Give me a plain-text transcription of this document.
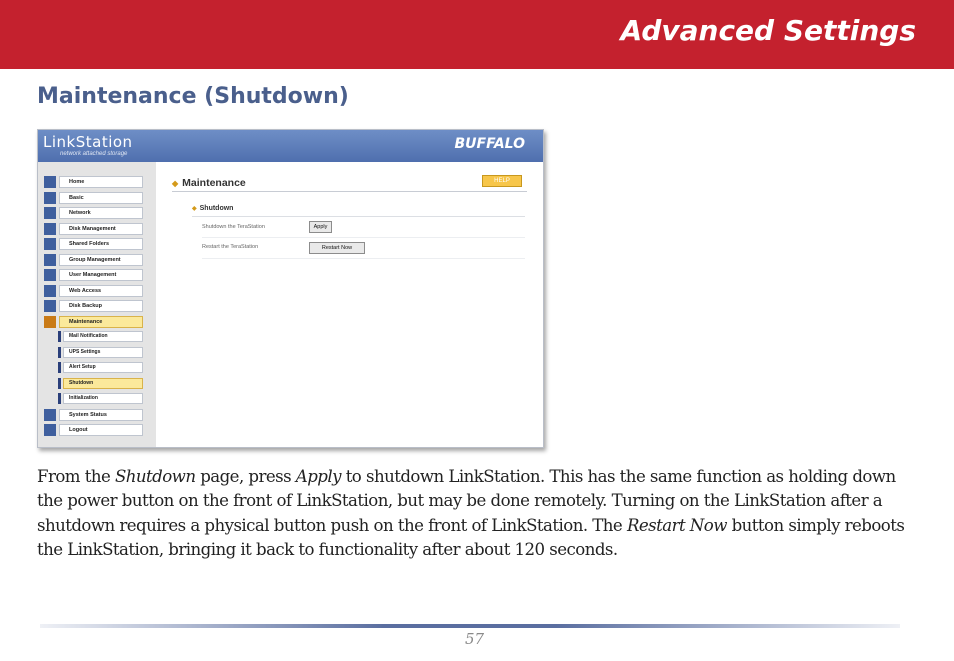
Advanced Settings
Maintenance (Shutdown)
LinkStation
network attached storage
BUFFALO
Home
Basic
Network
Disk Management
Shared Folders
Group Management
User Management
Web Access
Disk Backup
Maintenance
Mail Notification
UPS Settings
Alert Setup
Shutdown
Initialization
System Status
Logout
◆ Maintenance	HELP
◆ Shutdown
Shutdown the TeraStation	Apply
Restart the TeraStation	Restart Now

From the Shutdown page, press Apply to shutdown LinkStation. This has the same function as holding down the power button on the front of LinkStation, but may be done remotely. Turning on the LinkStation after a shutdown requires a physical button push on the front of LinkStation. The Restart Now button simply reboots the LinkStation, bringing it back to functionality after about 120 seconds.

57
